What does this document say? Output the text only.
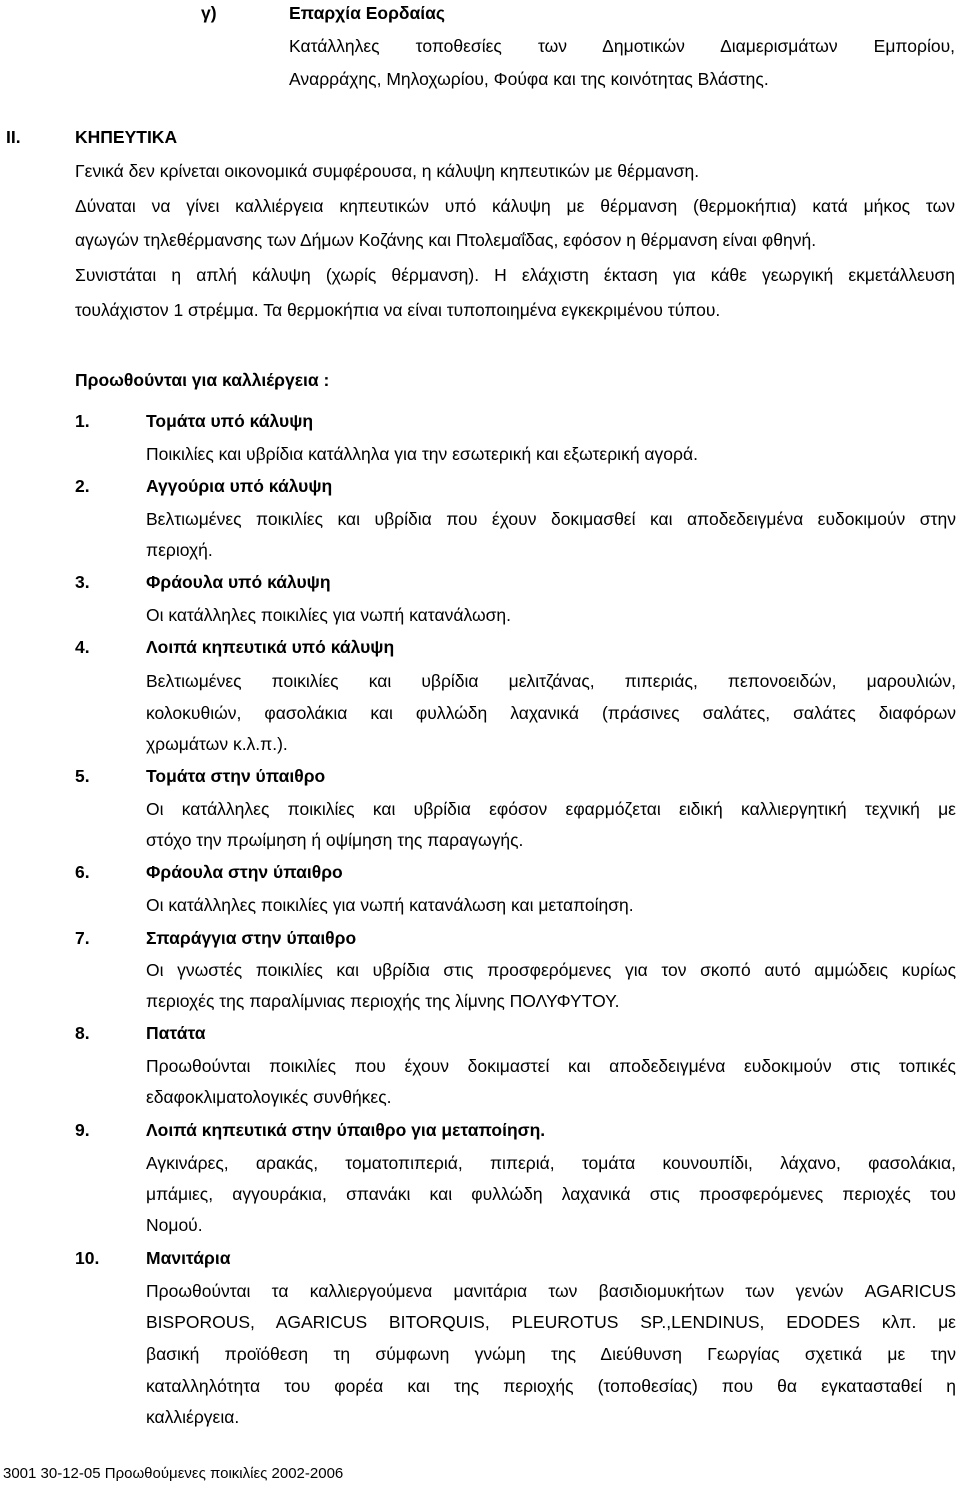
γ)	Επαρχία Εορδαίας
Κατάλληλες τοποθεσίες των Δημοτικών Διαμερισμάτων Εμπορίου,
Αναρράχης, Μηλοχωρίου, Φούφα και της κοινότητας Βλάστης.
ΙΙ.	ΚΗΠΕΥΤΙΚΑ
Γενικά δεν κρίνεται οικονομικά συμφέρουσα, η κάλυψη κηπευτικών με θέρμανση.
Δύναται να γίνει καλλιέργεια κηπευτικών υπό κάλυψη με θέρμανση (θερμοκήπια) κατά μήκος των
αγωγών τηλεθέρμανσης των Δήμων Κοζάνης και Πτολεμαΐδας, εφόσον η θέρμανση είναι φθηνή.
Συνιστάται η απλή κάλυψη (χωρίς θέρμανση). Η ελάχιστη έκταση για κάθε γεωργική εκμετάλλευση
τουλάχιστον 1 στρέμμα. Τα θερμοκήπια να είναι τυποποιημένα εγκεκριμένου τύπου.
Προωθούνται για καλλιέργεια :
1.	Τομάτα υπό κάλυψη
Ποικιλίες και υβρίδια κατάλληλα για την εσωτερική και εξωτερική αγορά.
2.	Αγγούρια υπό κάλυψη
Βελτιωμένες ποικιλίες και υβρίδια που έχουν δοκιμασθεί και αποδεδειγμένα ευδοκιμούν στην
περιοχή.
3.	Φράουλα υπό κάλυψη
Οι κατάλληλες ποικιλίες για νωπή κατανάλωση.
4.	Λοιπά κηπευτικά υπό κάλυψη
Βελτιωμένες ποικιλίες και υβρίδια μελιτζάνας, πιπεριάς, πεπονοειδών, μαρουλιών,
κολοκυθιών, φασολάκια και φυλλώδη λαχανικά (πράσινες σαλάτες, σαλάτες διαφόρων
χρωμάτων κ.λ.π.).
5.	Τομάτα στην ύπαιθρο
Οι κατάλληλες ποικιλίες και υβρίδια εφόσον εφαρμόζεται ειδική καλλιεργητική τεχνική με
στόχο την πρωίμηση ή οψίμηση της παραγωγής.
6.	Φράουλα στην ύπαιθρο
Οι κατάλληλες ποικιλίες για νωπή κατανάλωση και μεταποίηση.
7.	Σπαράγγια στην ύπαιθρο
Οι γνωστές ποικιλίες και υβρίδια στις προσφερόμενες για τον σκοπό αυτό αμμώδεις κυρίως
περιοχές της παραλίμνιας περιοχής της λίμνης ΠΟΛΥΦΥΤΟΥ.
8.	Πατάτα
Προωθούνται ποικιλίες που έχουν δοκιμαστεί και αποδεδειγμένα ευδοκιμούν στις τοπικές
εδαφοκλιματολογικές συνθήκες.
9.	Λοιπά κηπευτικά στην ύπαιθρο για μεταποίηση.
Αγκινάρες, αρακάς, τοματοπιπεριά, πιπεριά, τομάτα κουνουπίδι, λάχανο, φασολάκια,
μπάμιες, αγγουράκια, σπανάκι και φυλλώδη λαχανικά στις προσφερόμενες περιοχές του
Νομού.
10.	Μανιτάρια
Προωθούνται τα καλλιεργούμενα μανιτάρια των βασιδιομυκήτων των γενών AGARICUS
BISPOROUS, AGARICUS BITORQUIS, PLEUROTUS SP.,LENDINUS, EDODES κλπ. με
βασική προϊόθεση τη σύμφωνη γνώμη της Διεύθυνση Γεωργίας σχετικά με την
καταλληλότητα του φορέα και της περιοχής (τοποθεσίας) που θα εγκατασταθεί η
καλλιέργεια.
3001 30-12-05 Προωθούμενες ποικιλίες 2002-2006
